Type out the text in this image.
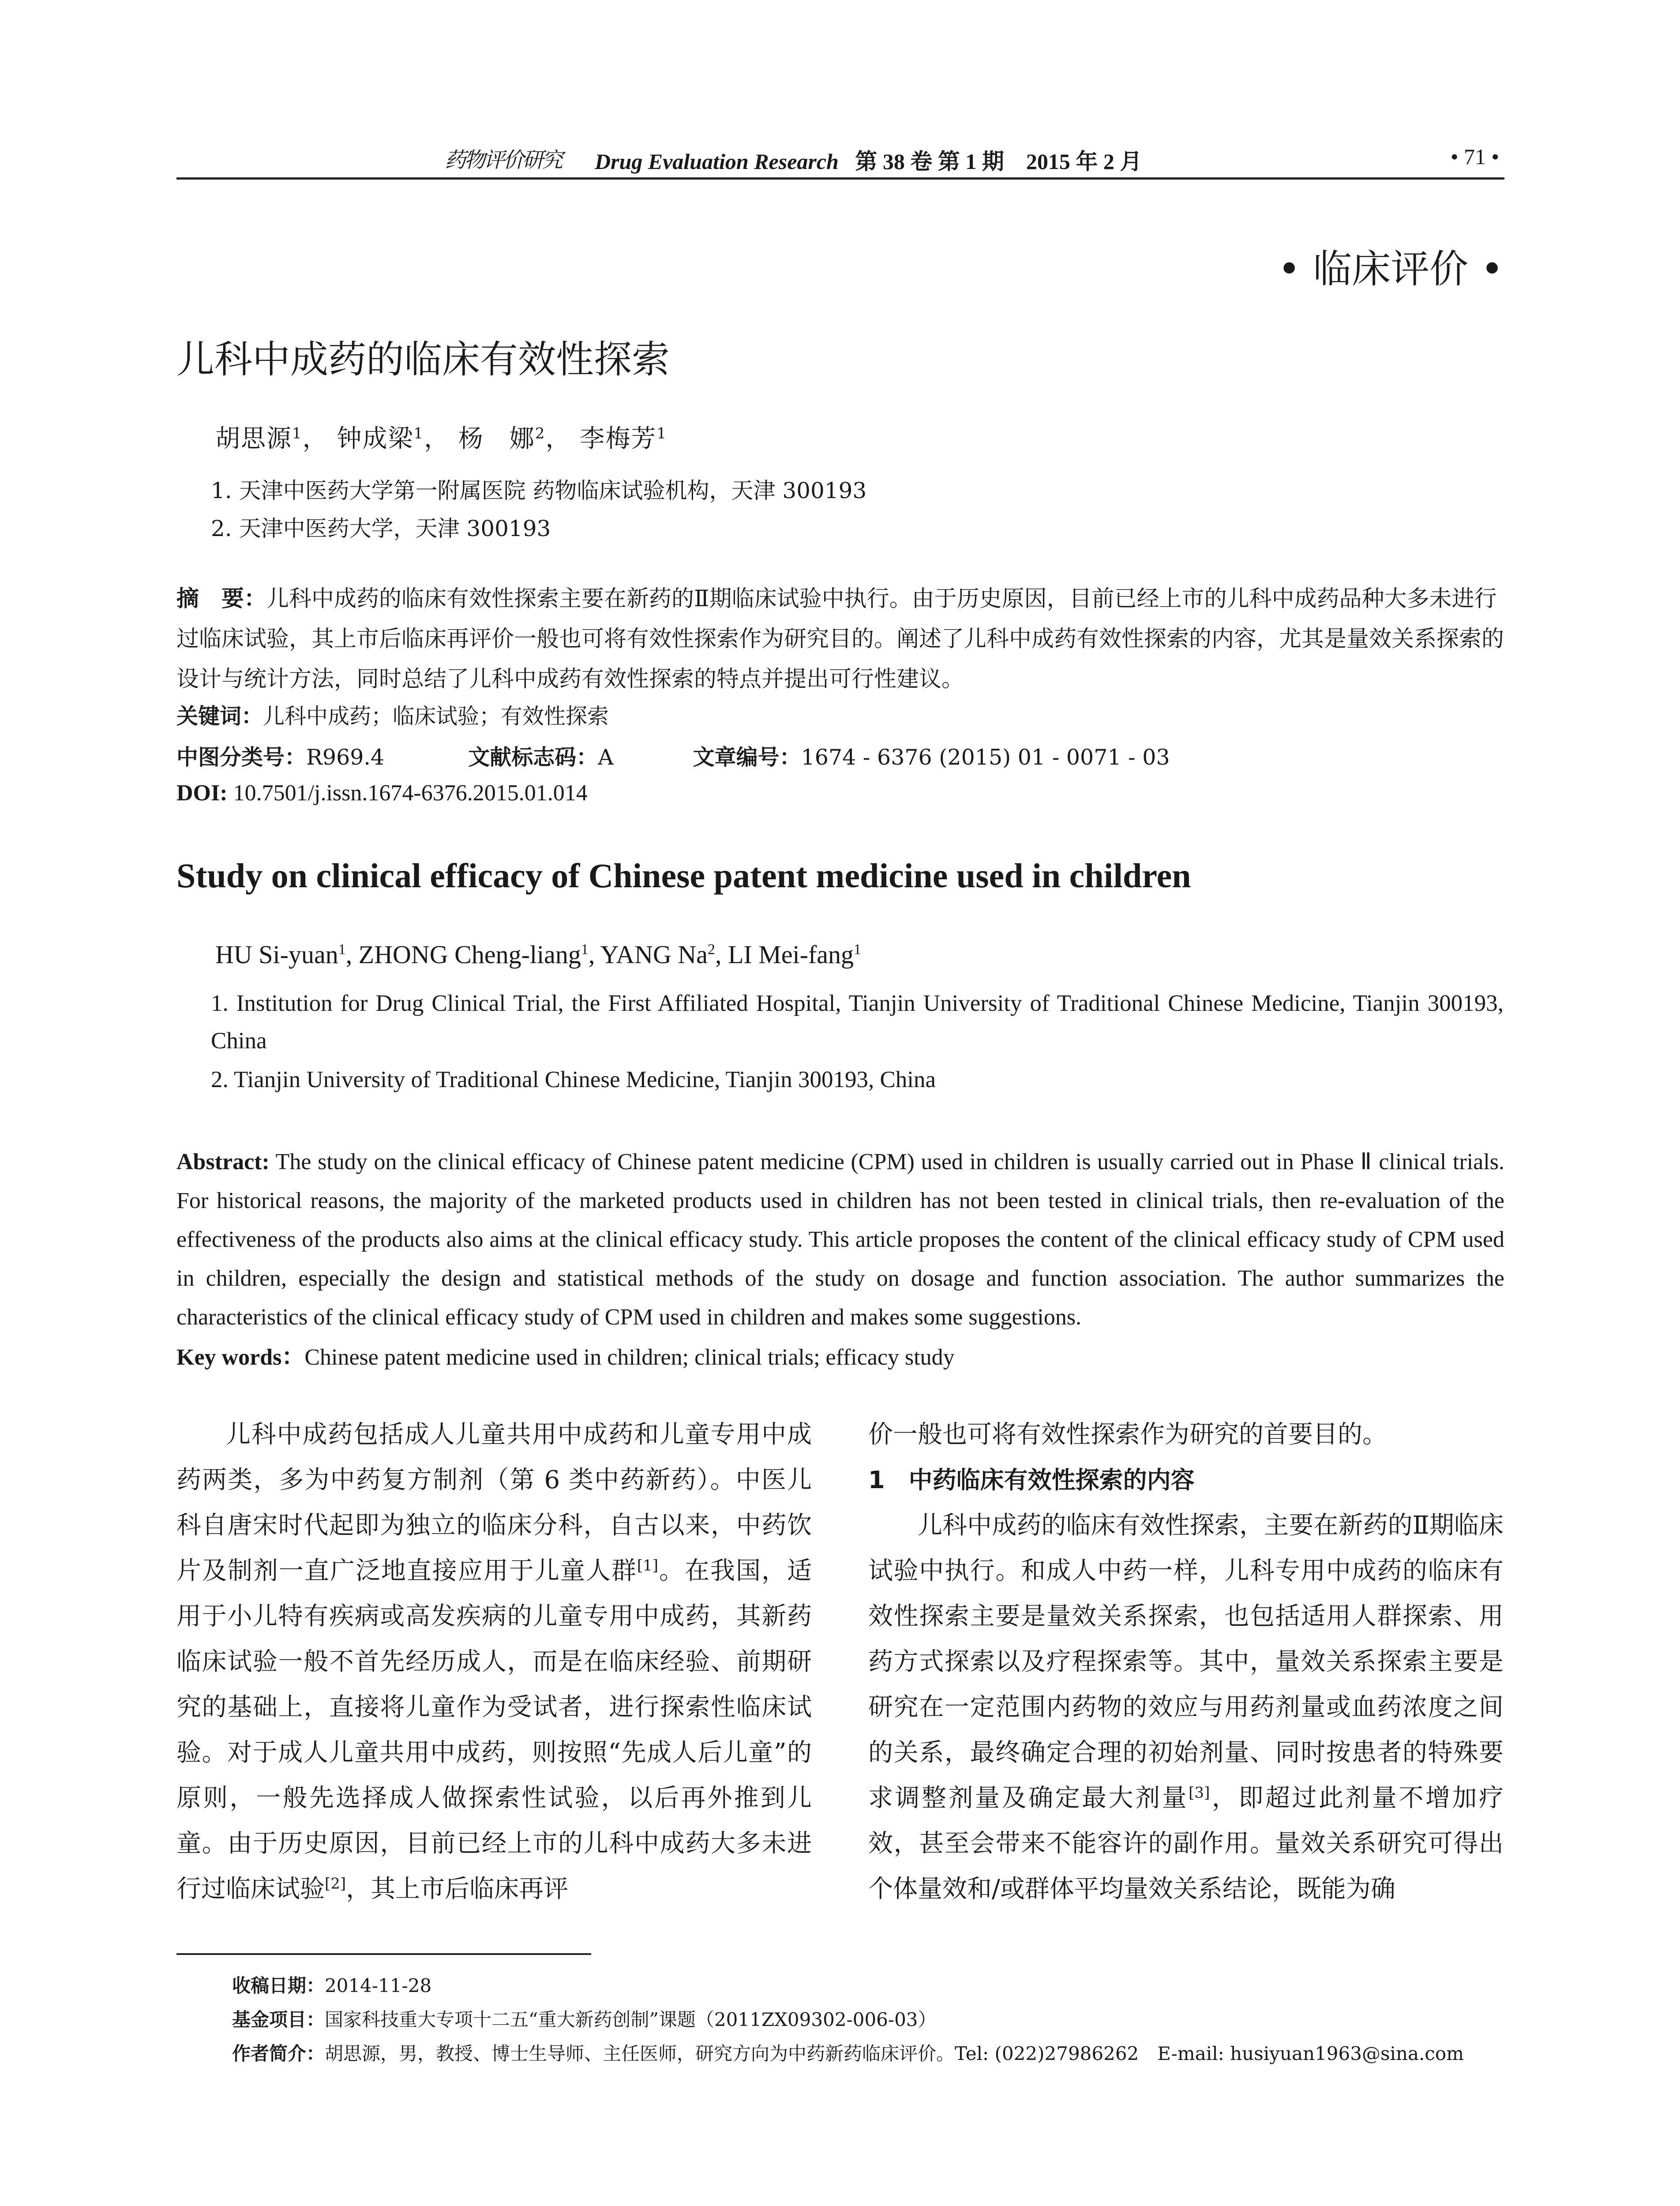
药物评价研究 Drug Evaluation Research 第 38 卷 第 1 期　2015 年 2 月	• 71 •
• 临床评价 •
儿科中成药的临床有效性探索
胡思源$^1$， 钟成梁$^1$， 杨　娜$^2$， 李梅芳$^1$
1. 天津中医药大学第一附属医院 药物临床试验机构，天津 300193
2. 天津中医药大学，天津 300193
摘　要：儿科中成药的临床有效性探索主要在新药的Ⅱ期临床试验中执行。由于历史原因，目前已经上市的儿科中成药品种大多未进行过临床试验，其上市后临床再评价一般也可将有效性探索作为研究目的。阐述了儿科中成药有效性探索的内容，尤其是量效关系探索的设计与统计方法，同时总结了儿科中成药有效性探索的特点并提出可行性建议。
关键词：儿科中成药；临床试验；有效性探索
中图分类号：R969.4	文献标志码：A	文章编号：1674 - 6376 (2015) 01 - 0071 - 03
DOI: 10.7501/j.issn.1674-6376.2015.01.014
Study on clinical efficacy of Chinese patent medicine used in children
HU Si-yuan$^1$, ZHONG Cheng-liang$^1$, YANG Na$^2$, LI Mei-fang$^1$
1. Institution for Drug Clinical Trial, the First Affiliated Hospital, Tianjin University of Traditional Chinese Medicine, Tianjin 300193, China
2. Tianjin University of Traditional Chinese Medicine, Tianjin 300193, China
Abstract: The study on the clinical efficacy of Chinese patent medicine (CPM) used in children is usually carried out in Phase Ⅱ clinical trials. For historical reasons, the majority of the marketed products used in children has not been tested in clinical trials, then re-evaluation of the effectiveness of the products also aims at the clinical efficacy study. This article proposes the content of the clinical efficacy study of CPM used in children, especially the design and statistical methods of the study on dosage and function association. The author summarizes the characteristics of the clinical efficacy study of CPM used in children and makes some suggestions.
Key words：Chinese patent medicine used in children; clinical trials; efficacy study
儿科中成药包括成人儿童共用中成药和儿童专用中成药两类，多为中药复方制剂（第 6 类中药新药）。中医儿科自唐宋时代起即为独立的临床分科，自古以来，中药饮片及制剂一直广泛地直接应用于儿童人群[1]。在我国，适用于小儿特有疾病或高发疾病的儿童专用中成药，其新药临床试验一般不首先经历成人，而是在临床经验、前期研究的基础上，直接将儿童作为受试者，进行探索性临床试验。对于成人儿童共用中成药，则按照“先成人后儿童”的原则，一般先选择成人做探索性试验，以后再外推到儿童。由于历史原因，目前已经上市的儿科中成药大多未进行过临床试验[2]，其上市后临床再评
价一般也可将有效性探索作为研究的首要目的。
1　中药临床有效性探索的内容
儿科中成药的临床有效性探索，主要在新药的Ⅱ期临床试验中执行。和成人中药一样，儿科专用中成药的临床有效性探索主要是量效关系探索，也包括适用人群探索、用药方式探索以及疗程探索等。其中，量效关系探索主要是研究在一定范围内药物的效应与用药剂量或血药浓度之间的关系，最终确定合理的初始剂量、同时按患者的特殊要求调整剂量及确定最大剂量[3]，即超过此剂量不增加疗效，甚至会带来不能容许的副作用。量效关系研究可得出个体量效和/或群体平均量效关系结论，既能为确
收稿日期：2014-11-28
基金项目：国家科技重大专项十二五“重大新药创制”课题（2011ZX09302-006-03）
作者简介：胡思源，男，教授、博士生导师、主任医师，研究方向为中药新药临床评价。Tel: (022)27986262　E-mail: husiyuan1963@sina.com
